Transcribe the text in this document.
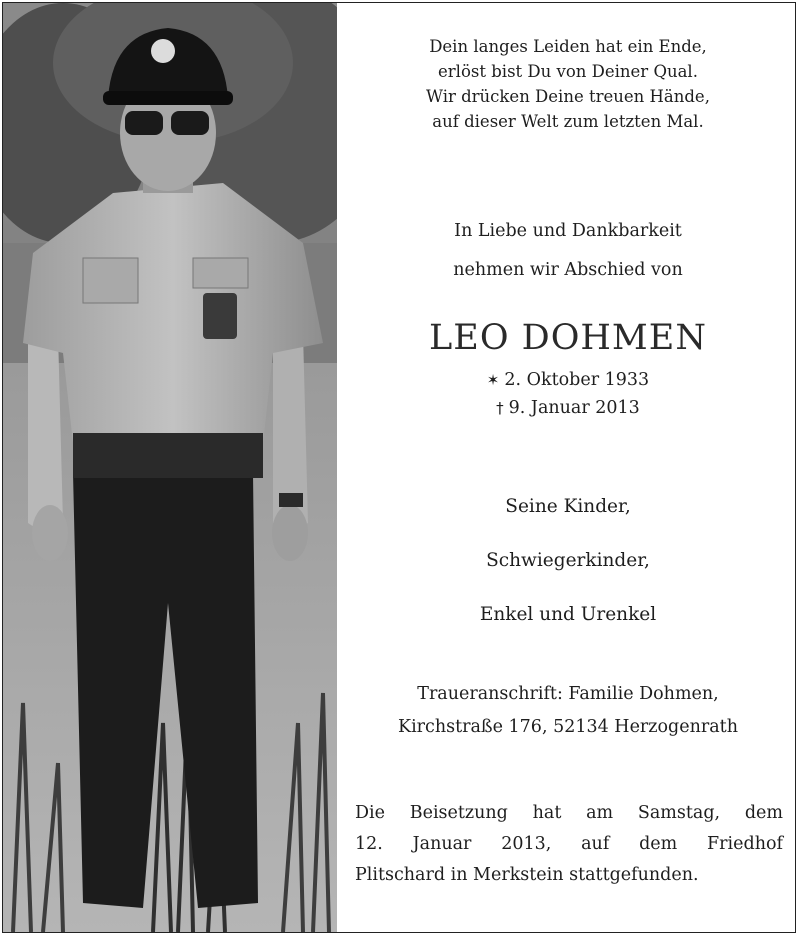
Dein langes Leiden hat ein Ende,
erlöst bist Du von Deiner Qual.
Wir drücken Deine treuen Hände,
auf dieser Welt zum letzten Mal.
In Liebe und Dankbarkeit
nehmen wir Abschied von
LEO DOHMEN
✶ 2. Oktober 1933
† 9. Januar 2013
Seine Kinder,
Schwiegerkinder,
Enkel und Urenkel
Traueranschrift: Familie Dohmen,
Kirchstraße 176, 52134 Herzogenrath
Die Beisetzung hat am Samstag, dem
12. Januar 2013, auf dem Friedhof
Plitschard in Merkstein stattgefunden.
